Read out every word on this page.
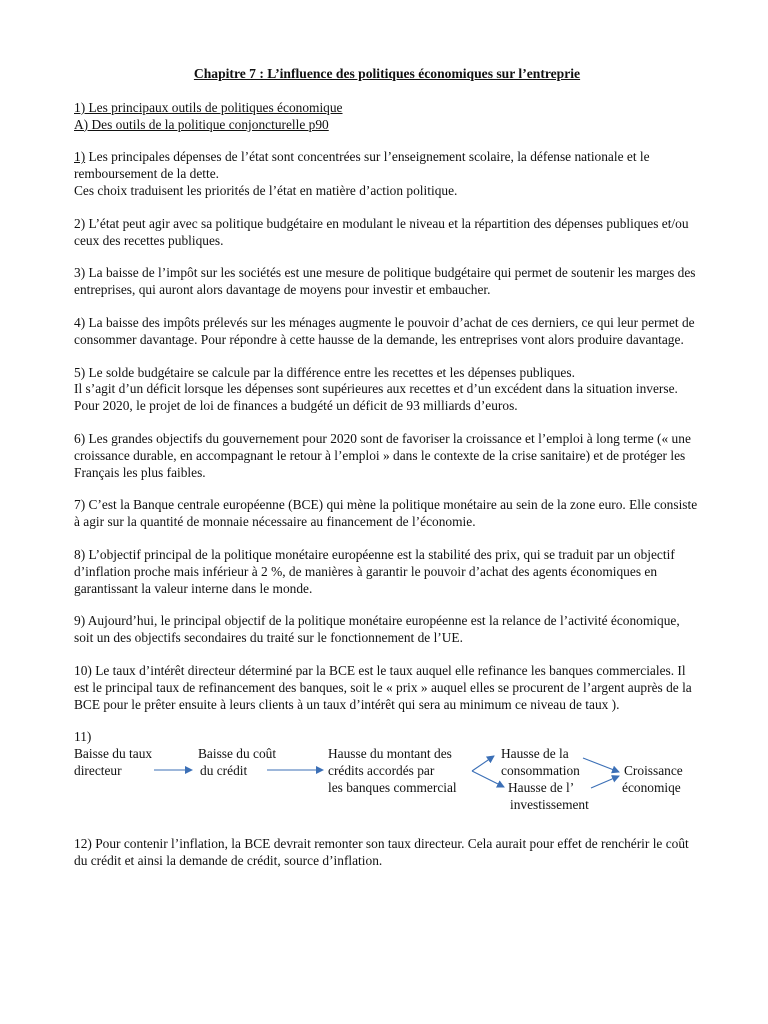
Chapitre 7 : L’influence des politiques économiques sur l’entreprie

1) Les principaux outils de politiques économique

A) Des outils de la politique conjoncturelle p90

1) Les principales dépenses de l’état sont concentrées sur l’enseignement scolaire, la défense nationale et le remboursement de la dette.

Ces choix traduisent les priorités de l’état en matière d’action politique.

2) L’état peut agir avec sa politique budgétaire en modulant le niveau et la répartition des dépenses publiques et/ou ceux des recettes publiques.

3) La baisse de l’impôt sur les sociétés est une mesure de politique budgétaire qui permet de soutenir les marges des entreprises, qui auront alors davantage de moyens pour investir et embaucher.

4) La baisse des impôts prélevés sur les ménages augmente le pouvoir d’achat de ces derniers, ce qui leur permet de consommer davantage. Pour répondre à cette hausse de la demande, les entreprises vont alors produire davantage.

5) Le solde budgétaire se calcule par la différence entre les recettes et les dépenses publiques.

Il s’agit d’un déficit lorsque les dépenses sont supérieures aux recettes et d’un excédent dans la situation inverse.

Pour 2020, le projet de loi de finances a budgété un déficit de 93 milliards d’euros.

6) Les grandes objectifs du gouvernement pour 2020 sont de favoriser la croissance et l’emploi à long terme (« une croissance durable, en accompagnant le retour à l’emploi » dans le contexte de la crise sanitaire) et de protéger les Français les plus faibles.

7) C’est la Banque centrale européenne (BCE) qui mène la politique monétaire au sein de la zone euro. Elle consiste à agir sur la quantité de monnaie nécessaire au financement de l’économie.

8) L’objectif principal de la politique monétaire européenne est la stabilité des prix, qui se traduit par un objectif d’inflation proche mais inférieur à 2 %, de manières à garantir le pouvoir d’achat des agents économiques en garantissant la valeur interne dans le monde.

9) Aujourd’hui, le principal objectif de la politique monétaire européenne est la relance de l’activité économique, soit un des objectifs secondaires du traité sur le fonctionnement de l’UE.

10) Le taux d’intérêt directeur déterminé par la BCE est le taux auquel elle refinance les banques commerciales. Il est le principal taux de refinancement des banques, soit le « prix » auquel elles se procurent de l’argent auprès de la BCE pour le prêter ensuite à leurs clients à un taux d’intérêt qui sera au minimum ce niveau de taux ).

11)

Baisse du taux
directeur
Baisse du coût
du crédit
Hausse du montant des
crédits accordés par
les banques commercial
Hausse de la
consommation
Hausse de l’
investissement
Croissance
économiqe

12) Pour contenir l’inflation, la BCE devrait remonter son taux directeur. Cela aurait pour effet de renchérir le coût du crédit et ainsi la demande de crédit, source d’inflation.
